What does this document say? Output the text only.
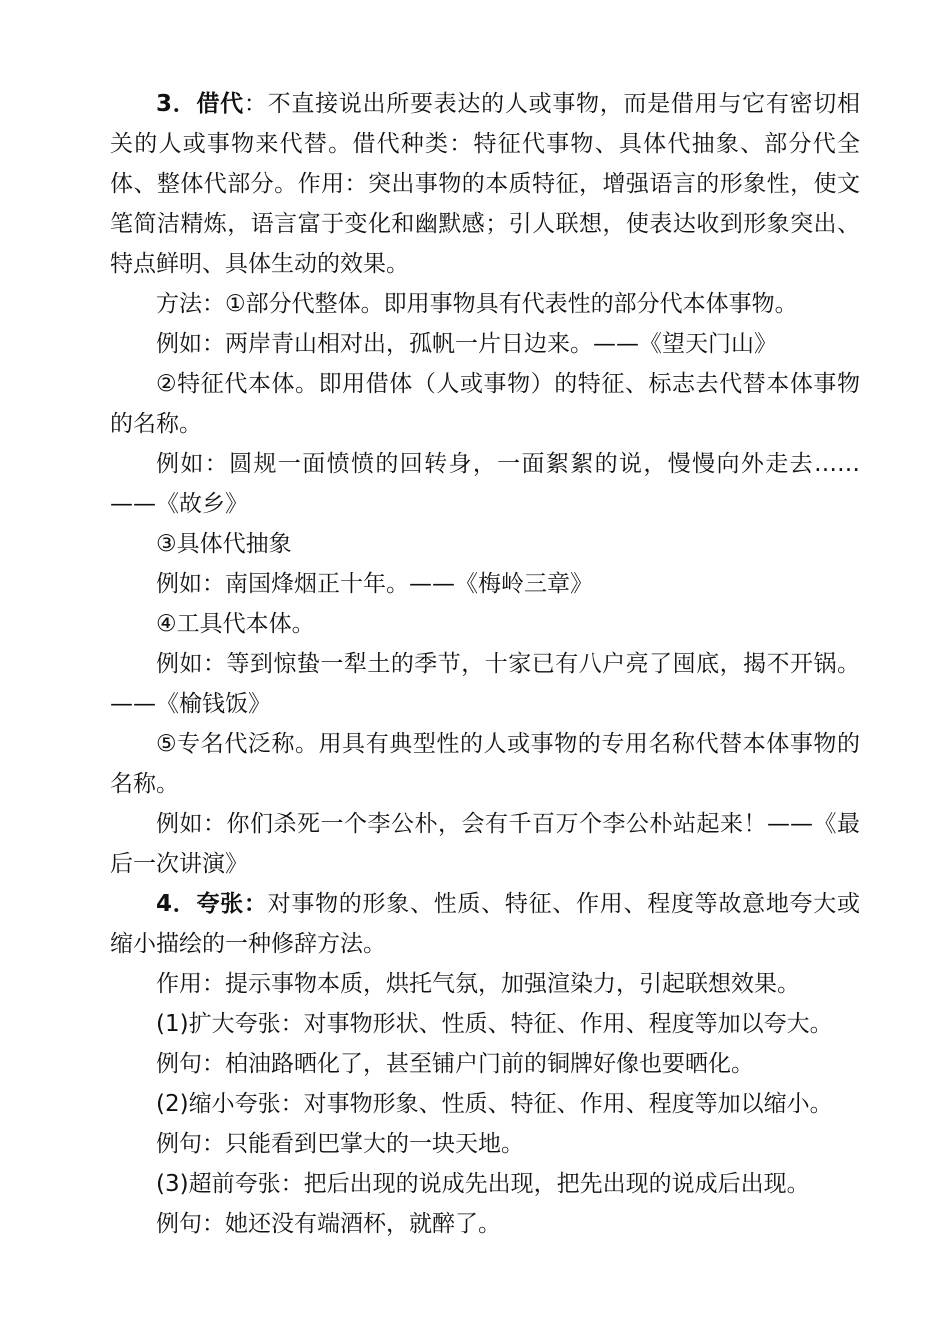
3．借代：不直接说出所要表达的人或事物，而是借用与它有密切相关的人或事物来代替。借代种类：特征代事物、具体代抽象、部分代全体、整体代部分。作用：突出事物的本质特征，增强语言的形象性，使文笔简洁精炼，语言富于变化和幽默感；引人联想，使表达收到形象突出、特点鲜明、具体生动的效果。

方法：①部分代整体。即用事物具有代表性的部分代本体事物。

例如：两岸青山相对出，孤帆一片日边来。——《望天门山》

②特征代本体。即用借体（人或事物）的特征、标志去代替本体事物的名称。

例如：圆规一面愤愤的回转身，一面絮絮的说，慢慢向外走去……——《故乡》

③具体代抽象

例如：南国烽烟正十年。——《梅岭三章》

④工具代本体。

例如：等到惊蛰一犁土的季节，十家已有八户亮了囤底，揭不开锅。——《榆钱饭》

⑤专名代泛称。用具有典型性的人或事物的专用名称代替本体事物的名称。

例如：你们杀死一个李公朴，会有千百万个李公朴站起来！——《最后一次讲演》

4．夸张：对事物的形象、性质、特征、作用、程度等故意地夸大或缩小描绘的一种修辞方法。

作用：提示事物本质，烘托气氛，加强渲染力，引起联想效果。

(1)扩大夸张：对事物形状、性质、特征、作用、程度等加以夸大。

例句：柏油路晒化了，甚至铺户门前的铜牌好像也要晒化。

(2)缩小夸张：对事物形象、性质、特征、作用、程度等加以缩小。

例句：只能看到巴掌大的一块天地。

(3)超前夸张：把后出现的说成先出现，把先出现的说成后出现。

例句：她还没有端酒杯，就醉了。
